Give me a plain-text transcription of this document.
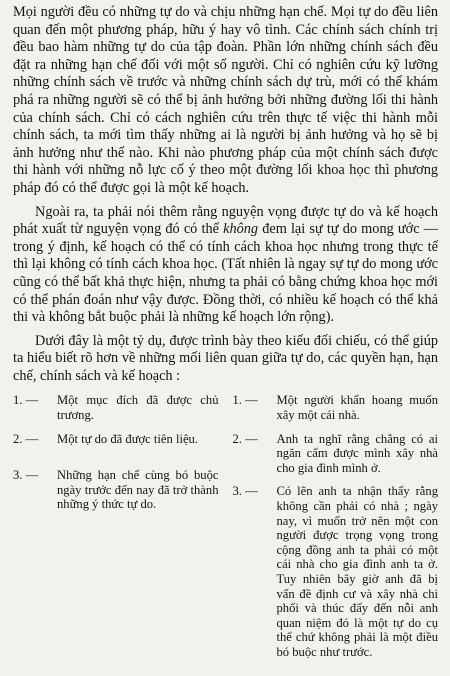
Mọi người đều có những tự do và chịu những hạn chế. Mọi tự do đều liên quan đến một phương pháp, hữu ý hay vô tình. Các chính sách chính trị đều bao hàm những tự do của tập đoàn. Phần lớn những chính sách đều đặt ra những hạn chế đối với một số người. Chỉ có nghiên cứu kỹ lưỡng những chính sách về trước và những chính sách dự trù, mới có thể khám phá ra những người sẽ có thể bị ảnh hưởng bởi những đường lối thi hành của chính sách. Chỉ có cách nghiên cứu trên thực tế việc thi hành mỗi chính sách, ta mới tìm thấy những ai là người bị ảnh hưởng và họ sẽ bị ảnh hưởng như thế nào. Khi nào phương pháp của một chính sách được thi hành với những nỗ lực cố ý theo một đường lối khoa học thì phương pháp đó có thể được gọi là một kế hoạch.

Ngoài ra, ta phải nói thêm rằng nguyện vọng được tự do và kế hoạch phát xuất từ nguyện vọng đó có thể không đem lại sự tự do mong ước — trong ý định, kế hoạch có thể có tính cách khoa học nhưng trong thực tế thì lại không có tính cách khoa học. (Tất nhiên là ngay sự tự do mong ước cũng có thể bất khả thực hiện, nhưng ta phải có bằng chứng khoa học mới có thể phán đoán như vậy được. Đồng thời, có nhiều kế hoạch có thể khả thi và không bắt buộc phải là những kế hoạch lớn rộng).

Dưới đây là một tỷ dụ, được trình bày theo kiểu đối chiếu, có thể giúp ta hiểu biết rõ hơn về những mối liên quan giữa tự do, các quyền hạn, hạn chế, chính sách và kế hoạch :

1. —	Một mục đích đã được chủ trương.
2. —	Một tự do đã được tiên liệu.
3. —	Những hạn chế cùng bó buộc ngày trước đến nay đã trở thành những ý thức tự do.
1. —	Một người khẩn hoang muốn xây một cái nhà.
2. —	Anh ta nghĩ rằng chẳng có ai ngăn cấm được mình xây nhà cho gia đình mình ở.
3. —	Có lẽn anh ta nhận thấy rằng không cần phải có nhà ; ngày nay, vì muốn trở nên một con người được trọng vọng trong cộng đồng anh ta phải có một cái nhà cho gia đình anh ta ở. Tuy nhiên bây giờ anh đã bị vấn đề định cư và xây nhà chi phối và thúc đẩy đến nỗi anh quan niệm đó là một tự do cụ thể chứ không phải là một điều bó buộc như trước.
